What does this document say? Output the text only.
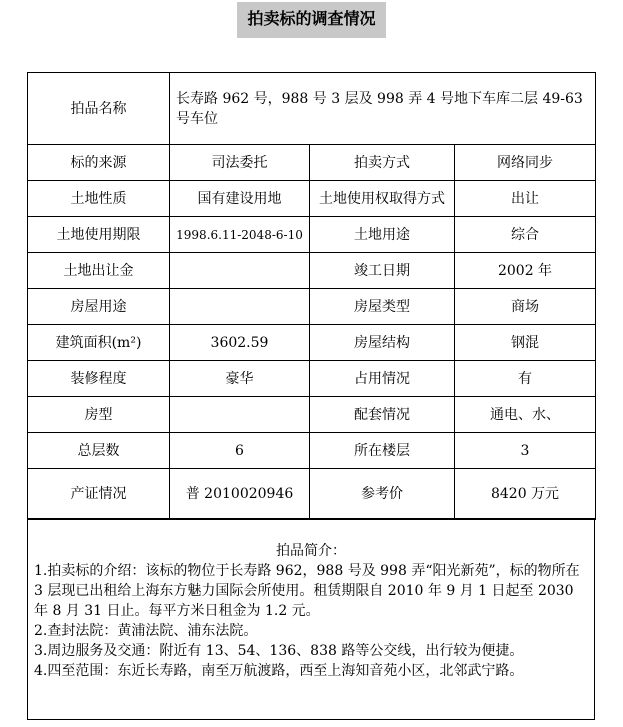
拍卖标的调查情况
拍品名称	长寿路 962 号，988 号 3 层及 998 弄 4 号地下车库二层 49-63 号车位		
标的来源	司法委托	拍卖方式	网络同步
土地性质	国有建设用地	土地使用权取得方式	出让
土地使用期限	1998.6.11-2048-6-10	土地用途	综合
土地出让金		竣工日期	2002 年
房屋用途		房屋类型	商场
建筑面积(m²)	3602.59	房屋结构	钢混
装修程度	豪华	占用情况	有
房型		配套情况	通电、水、
总层数	6	所在楼层	3
产证情况	普 2010020946	参考价	8420 万元
拍品简介：
1.拍卖标的介绍：该标的物位于长寿路 962，988 号及 998 弄“阳光新苑”，标的物所在 3 层现已出租给上海东方魅力国际会所使用。租赁期限自 2010 年 9 月 1 日起至 2030 年 8 月 31 日止。每平方米日租金为 1.2 元。
2.查封法院：黄浦法院、浦东法院。
3.周边服务及交通：附近有 13、54、136、838 路等公交线，出行较为便捷。
4.四至范围：东近长寿路，南至万航渡路，西至上海知音苑小区，北邻武宁路。
